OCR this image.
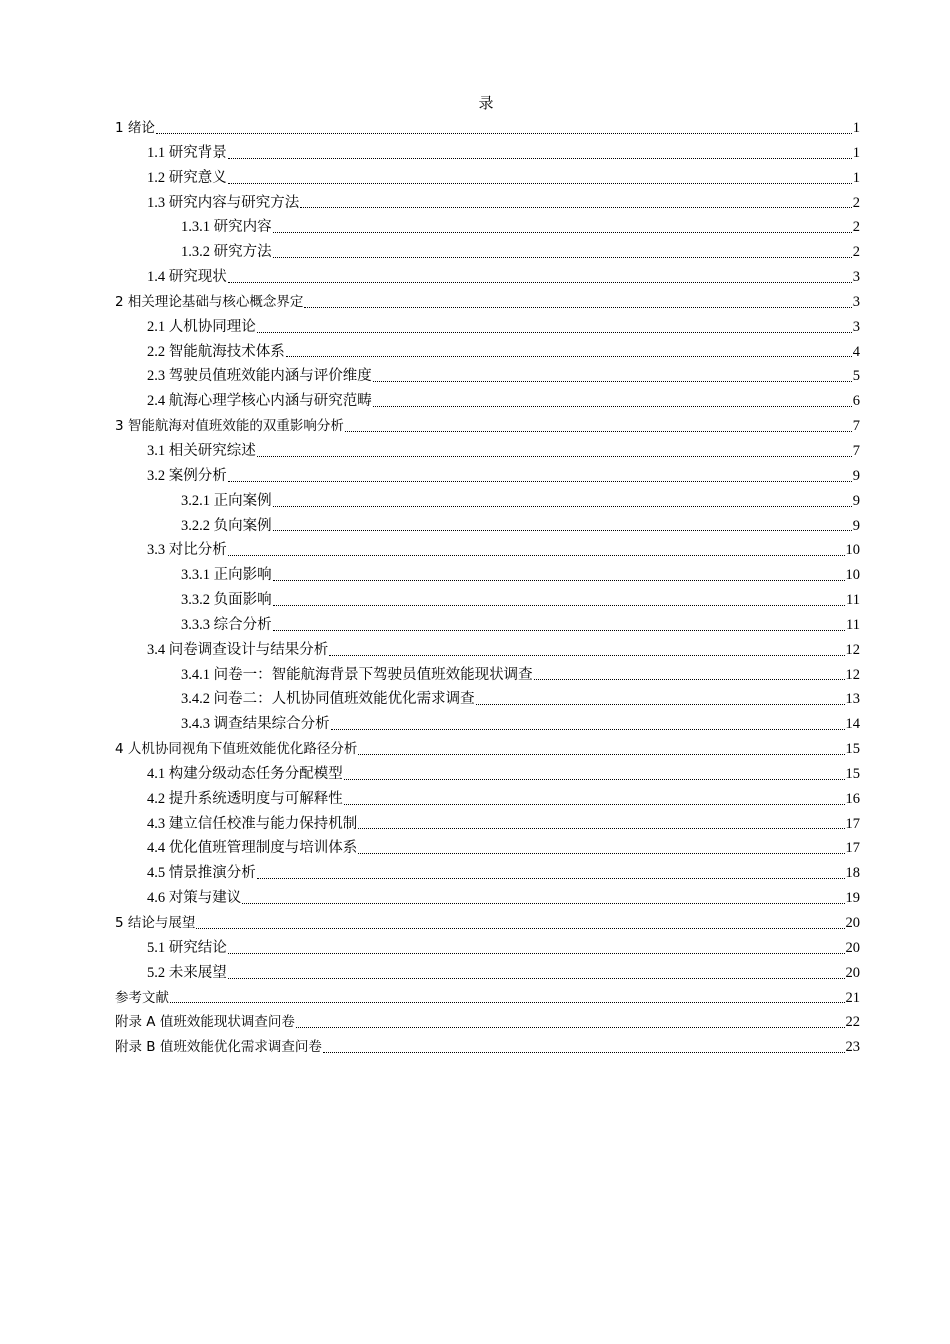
录
1 绪论	1
1.1 研究背景	1
1.2 研究意义	1
1.3 研究内容与研究方法	2
1.3.1 研究内容	2
1.3.2 研究方法	2
1.4 研究现状	3
2 相关理论基础与核心概念界定	3
2.1 人机协同理论	3
2.2 智能航海技术体系	4
2.3 驾驶员值班效能内涵与评价维度	5
2.4 航海心理学核心内涵与研究范畴	6
3 智能航海对值班效能的双重影响分析	7
3.1 相关研究综述	7
3.2 案例分析	9
3.2.1 正向案例	9
3.2.2 负向案例	9
3.3 对比分析	10
3.3.1 正向影响	10
3.3.2 负面影响	11
3.3.3 综合分析	11
3.4 问卷调查设计与结果分析	12
3.4.1 问卷一：智能航海背景下驾驶员值班效能现状调查	12
3.4.2 问卷二：人机协同值班效能优化需求调查	13
3.4.3 调查结果综合分析	14
4 人机协同视角下值班效能优化路径分析	15
4.1 构建分级动态任务分配模型	15
4.2 提升系统透明度与可解释性	16
4.3 建立信任校准与能力保持机制	17
4.4 优化值班管理制度与培训体系	17
4.5 情景推演分析	18
4.6 对策与建议	19
5 结论与展望	20
5.1 研究结论	20
5.2 未来展望	20
参考文献	21
附录 A 值班效能现状调查问卷	22
附录 B 值班效能优化需求调查问卷	23
